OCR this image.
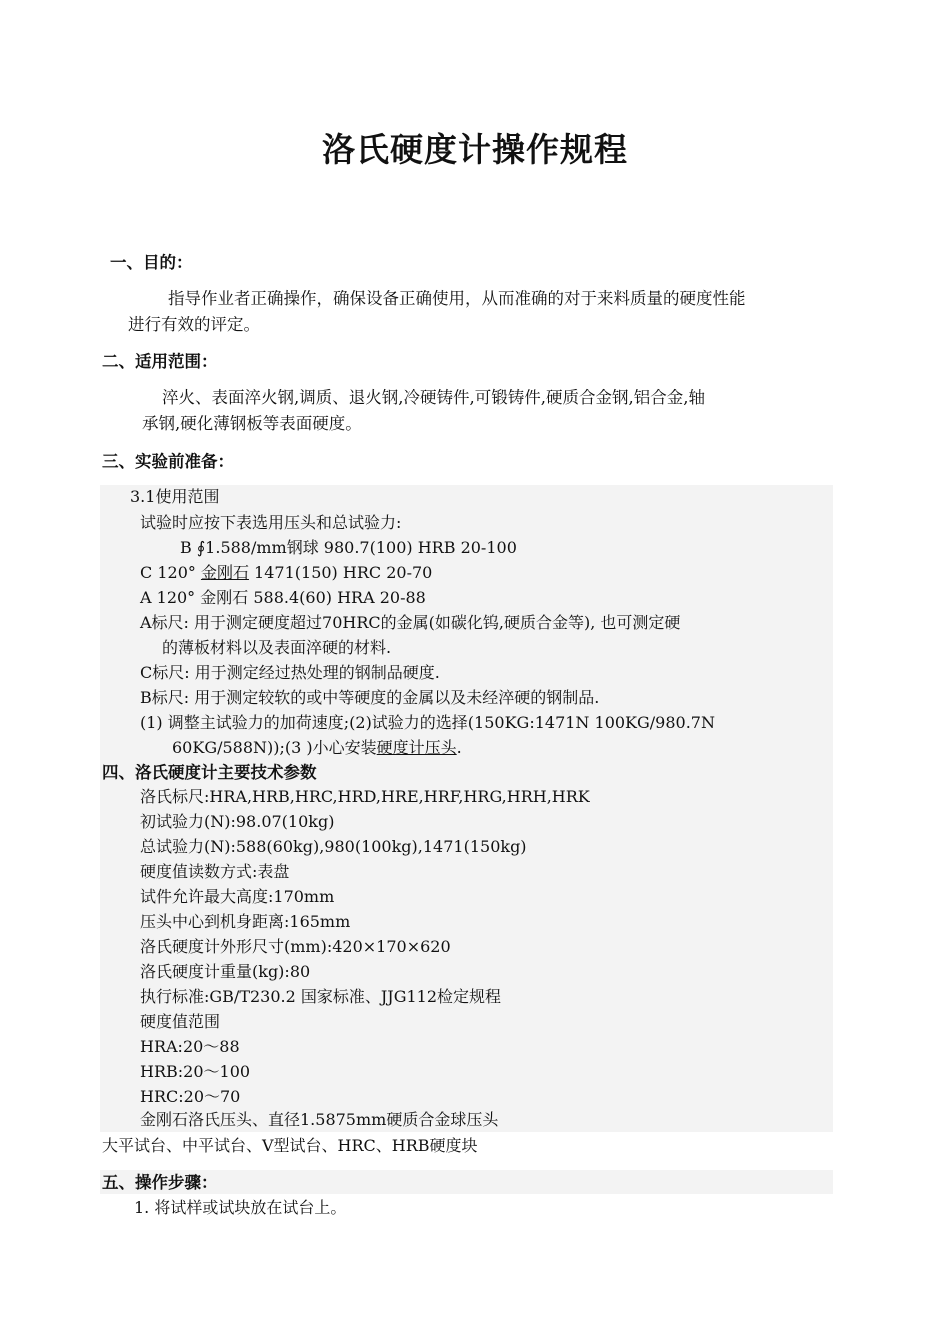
洛氏硬度计操作规程
一、目的：
指导作业者正确操作，确保设备正确使用，从而准确的对于来料质量的硬度性能
进行有效的评定。
二、适用范围：
淬火、表面淬火钢,调质、退火钢,冷硬铸件,可锻铸件,硬质合金钢,铝合金,轴
承钢,硬化薄钢板等表面硬度。
三、实验前准备：
3.1使用范围
试验时应按下表选用压头和总试验力:
B ∮1.588/mm钢球 980.7(100) HRB 20-100
C 120° 金刚石 1471(150) HRC 20-70
A 120° 金刚石 588.4(60) HRA 20-88
A标尺: 用于测定硬度超过70HRC的金属(如碳化钨,硬质合金等), 也可测定硬
的薄板材料以及表面淬硬的材料.
C标尺: 用于测定经过热处理的钢制品硬度.
B标尺: 用于测定较软的或中等硬度的金属以及未经淬硬的钢制品.
(1) 调整主试验力的加荷速度;(2)试验力的选择(150KG:1471N 100KG/980.7N
60KG/588N));(3 )小心安装硬度计压头.
四、洛氏硬度计主要技术参数
洛氏标尺:HRA,HRB,HRC,HRD,HRE,HRF,HRG,HRH,HRK
初试验力(N):98.07(10kg)
总试验力(N):588(60kg),980(100kg),1471(150kg)
硬度值读数方式:表盘
试件允许最大高度:170mm
压头中心到机身距离:165mm
洛氏硬度计外形尺寸(mm):420×170×620
洛氏硬度计重量(kg):80
执行标准:GB/T230.2 国家标准、JJG112检定规程
硬度值范围
HRA:20～88
HRB:20～100
HRC:20～70
金刚石洛氏压头、直径1.5875mm硬质合金球压头
大平试台、中平试台、V型试台、HRC、HRB硬度块
五、操作步骤：
1. 将试样或试块放在试台上。
